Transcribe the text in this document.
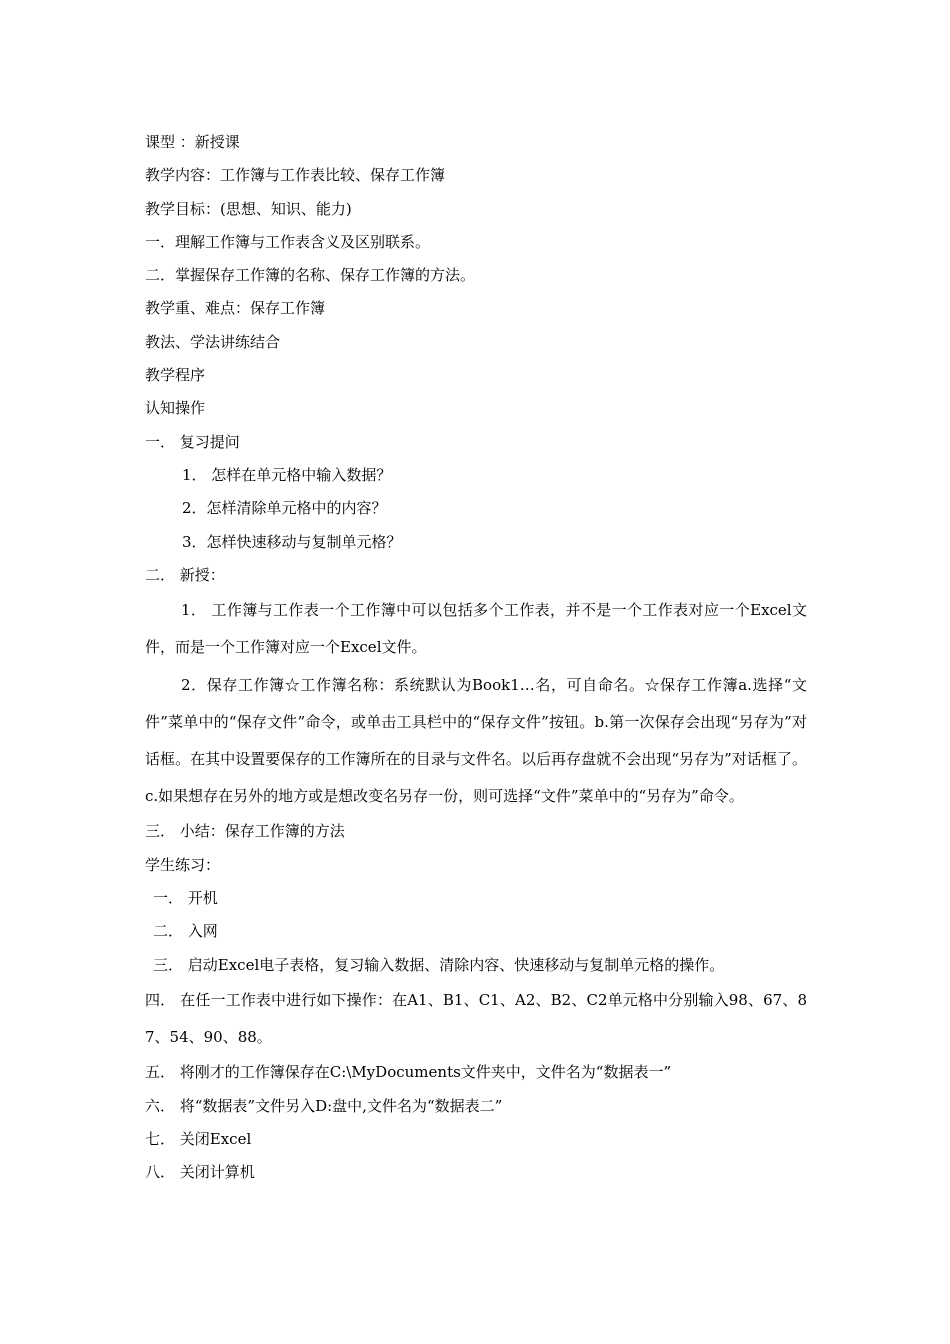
课型 ：新授课
教学内容：工作簿与工作表比较、保存工作簿
教学目标：(思想、知识、能力)
一．理解工作簿与工作表含义及区别联系。
二．掌握保存工作簿的名称、保存工作簿的方法。
教学重、难点：保存工作簿
教法、学法讲练结合
教学程序
认知操作
一． 复习提问
1． 怎样在单元格中输入数据？
2．怎样清除单元格中的内容？
3．怎样快速移动与复制单元格？
二． 新授：

1． 工作簿与工作表一个工作簿中可以包括多个工作表，并不是一个工作表对应一个Excel文件，而是一个工作簿对应一个Excel文件。

2．保存工作簿☆工作簿名称：系统默认为Book1…名，可自命名。☆保存工作簿a.选择“文件”菜单中的“保存文件”命令，或单击工具栏中的“保存文件”按钮。b.第一次保存会出现“另存为”对话框。在其中设置要保存的工作簿所在的目录与文件名。以后再存盘就不会出现“另存为”对话框了。c.如果想存在另外的地方或是想改变名另存一份，则可选择“文件”菜单中的“另存为”命令。

三． 小结：保存工作簿的方法
学生练习：
一． 开机
二． 入网
三． 启动Excel电子表格，复习输入数据、清除内容、快速移动与复制单元格的操作。

四． 在任一工作表中进行如下操作：在A1、B1、C1、A2、B2、C2单元格中分别输入98、67、87、54、90、88。

五． 将刚才的工作簿保存在C:\MyDocuments文件夹中，文件名为“数据表一”
六． 将“数据表”文件另入D:盘中,文件名为“数据表二”
七． 关闭Excel
八． 关闭计算机
